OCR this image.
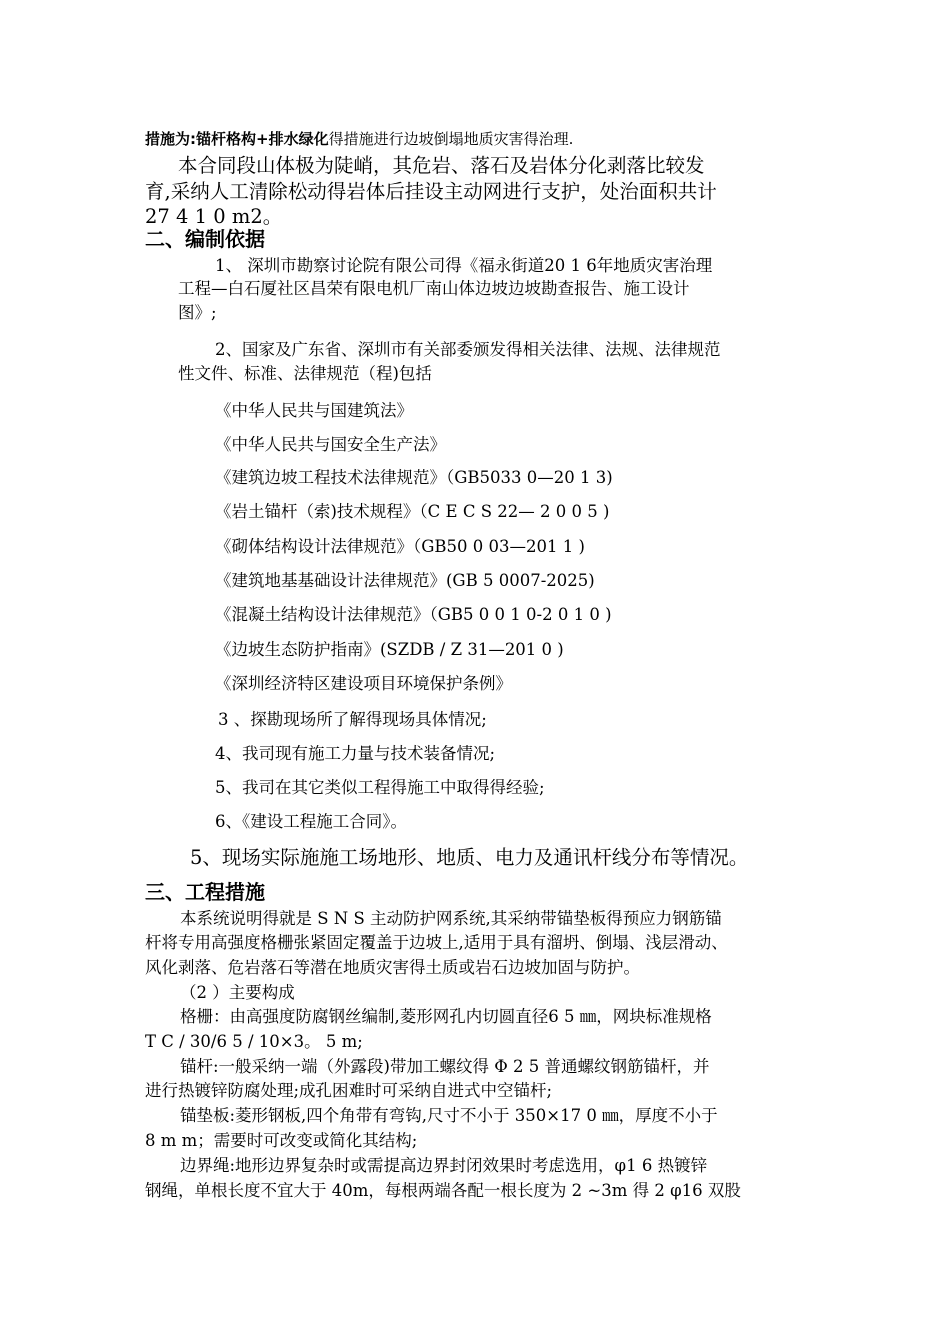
措施为:锚杆格构+排水绿化得措施进行边坡倒塌地质灾害得治理.
本合同段山体极为陡峭，其危岩、落石及岩体分化剥落比较发
育,采纳人工清除松动得岩体后挂设主动网进行支护，处治面积共计
27 4 1 0 m2。
二、编制依据
1、 深圳市勘察讨论院有限公司得《福永街道20 1 6年地质灾害治理
工程—白石厦社区昌荣有限电机厂南山体边坡边坡勘查报告、施工设计
图》;
2、国家及广东省、深圳市有关部委颁发得相关法律、法规、法律规范
性文件、标准、法律规范（程)包括
《中华人民共与国建筑法》
《中华人民共与国安全生产法》
《建筑边坡工程技术法律规范》（GB5033 0—20 1 3)
《岩土锚杆（索)技术规程》（C E C S 22— 2 0 0 5 )
《砌体结构设计法律规范》（GB50 0 03—201 1 )
《建筑地基基础设计法律规范》(GB 5 0007-2025)
《混凝土结构设计法律规范》（GB5 0 0 1 0-2 0 1 0 )
《边坡生态防护指南》(SZDB / Z 31—201 0 )
《深圳经济特区建设项目环境保护条例》
3 、探勘现场所了解得现场具体情况;
4、我司现有施工力量与技术装备情况;
5、我司在其它类似工程得施工中取得得经验;
6、《建设工程施工合同》。
5、现场实际施施工场地形、地质、电力及通讯杆线分布等情况。
三、工程措施
本系统说明得就是 S N S 主动防护网系统,其采纳带锚垫板得预应力钢筋锚
杆将专用高强度格栅张紧固定覆盖于边坡上,适用于具有溜坍、倒塌、浅层滑动、
风化剥落、危岩落石等潜在地质灾害得土质或岩石边坡加固与防护。
（2 ）主要构成
格栅：由高强度防腐钢丝编制,菱形网孔内切圆直径6 5 ㎜，网块标准规格
T C / 30/6 5 / 10×3。 5 m;
锚杆:一般采纳一端（外露段)带加工螺纹得 Φ 2 5 普通螺纹钢筋锚杆，并
进行热镀锌防腐处理;成孔困难时可采纳自进式中空锚杆;
锚垫板:菱形钢板,四个角带有弯钩,尺寸不小于 350×17 0 ㎜，厚度不小于
8 m m；需要时可改变或简化其结构;
边界绳:地形边界复杂时或需提高边界封闭效果时考虑选用，φ1 6 热镀锌
钢绳，单根长度不宜大于 40m，每根两端各配一根长度为 2 ~3m 得 2 φ16 双股
